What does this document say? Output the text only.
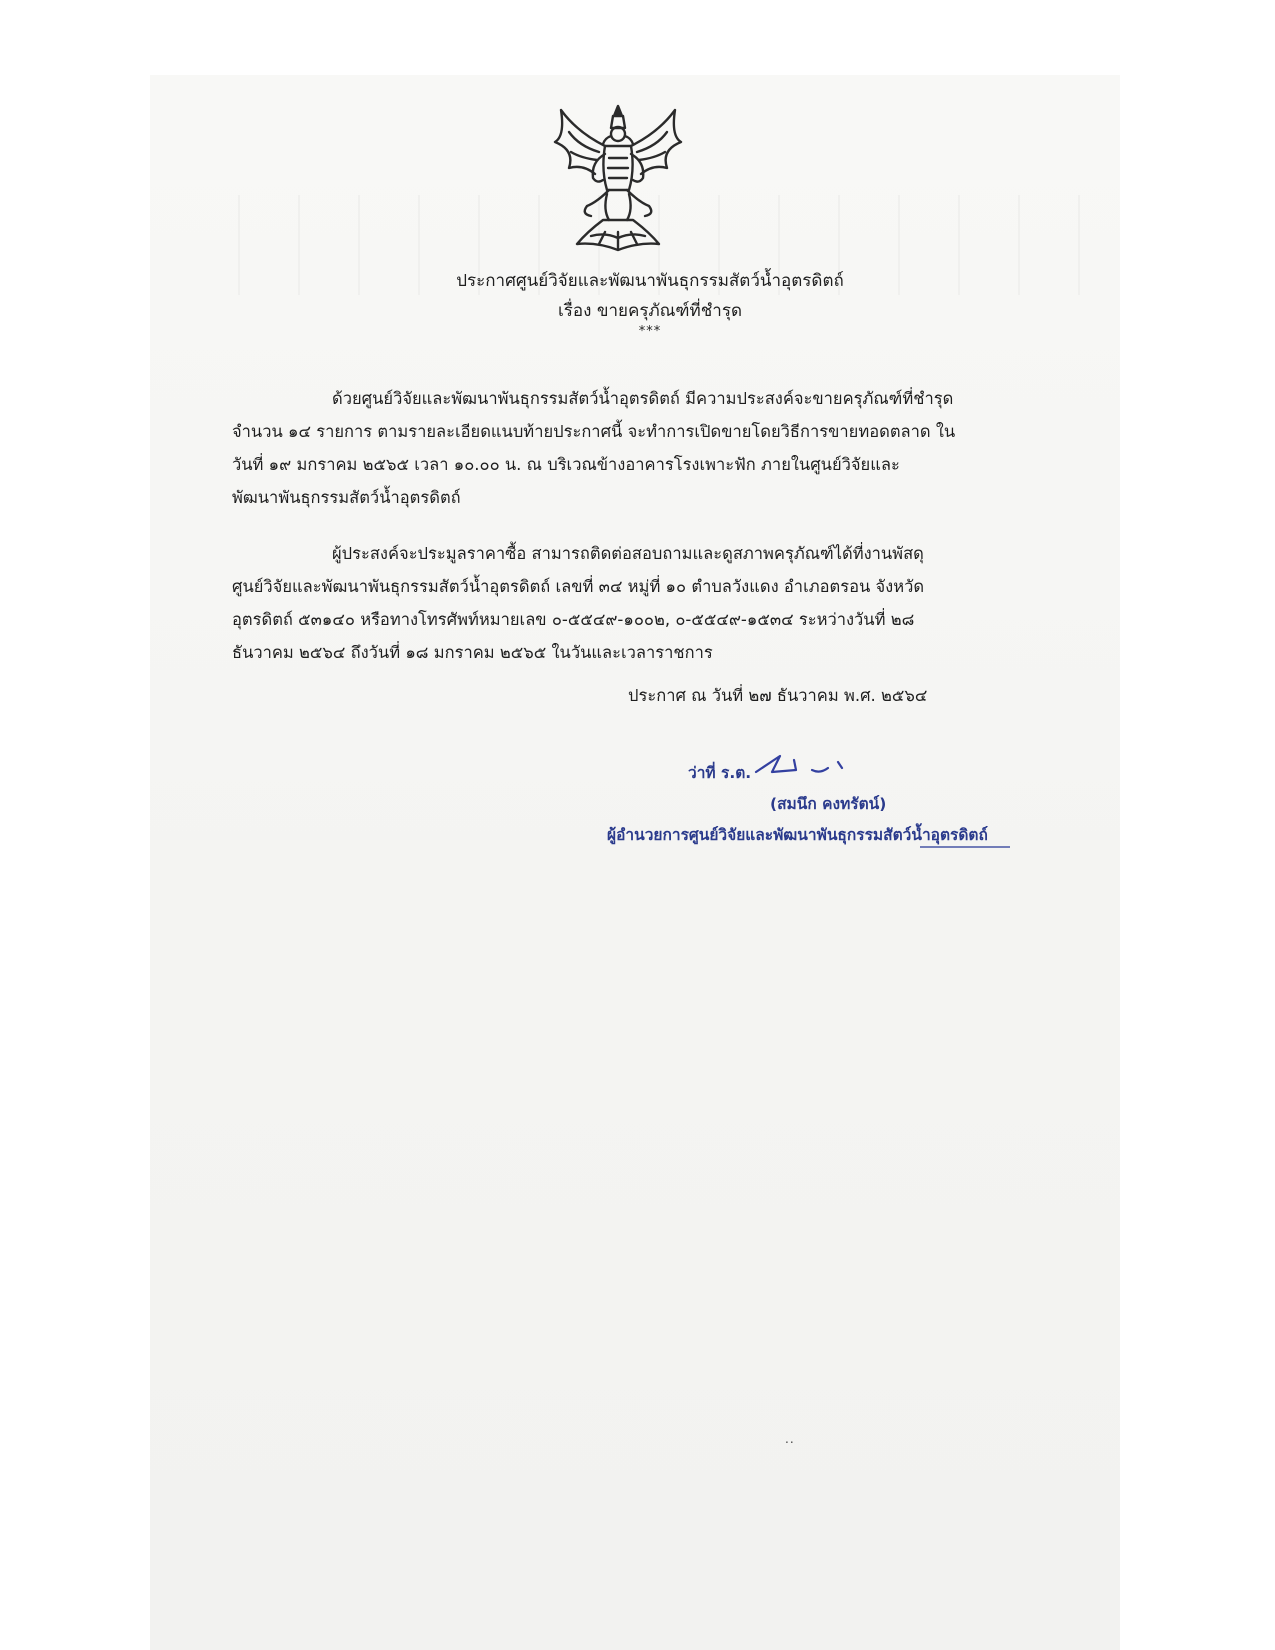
ประกาศศูนย์วิจัยและพัฒนาพันธุกรรมสัตว์น้ำอุตรดิตถ์
เรื่อง ขายครุภัณฑ์ที่ชำรุด
***
ด้วยศูนย์วิจัยและพัฒนาพันธุกรรมสัตว์น้ำอุตรดิตถ์ มีความประสงค์จะขายครุภัณฑ์ที่ชำรุด
จำนวน ๑๔ รายการ ตามรายละเอียดแนบท้ายประกาศนี้ จะทำการเปิดขายโดยวิธีการขายทอดตลาด ใน
วันที่ ๑๙ มกราคม ๒๕๖๕ เวลา ๑๐.๐๐ น. ณ บริเวณข้างอาคารโรงเพาะฟัก ภายในศูนย์วิจัยและ
พัฒนาพันธุกรรมสัตว์น้ำอุตรดิตถ์
ผู้ประสงค์จะประมูลราคาซื้อ สามารถติดต่อสอบถามและดูสภาพครุภัณฑ์ได้ที่งานพัสดุ
ศูนย์วิจัยและพัฒนาพันธุกรรมสัตว์น้ำอุตรดิตถ์ เลขที่ ๓๔ หมู่ที่ ๑๐ ตำบลวังแดง อำเภอตรอน จังหวัด
อุตรดิตถ์ ๕๓๑๔๐ หรือทางโทรศัพท์หมายเลข ๐-๕๕๔๙-๑๐๐๒, ๐-๕๕๔๙-๑๕๓๔ ระหว่างวันที่ ๒๘
ธันวาคม ๒๕๖๔ ถึงวันที่ ๑๘ มกราคม ๒๕๖๕ ในวันและเวลาราชการ
ประกาศ ณ วันที่ ๒๗ ธันวาคม พ.ศ. ๒๕๖๔
ว่าที่ ร.ต.
(สมนึก คงทรัตน์)
ผู้อำนวยการศูนย์วิจัยและพัฒนาพันธุกรรมสัตว์น้ำอุตรดิตถ์
..
